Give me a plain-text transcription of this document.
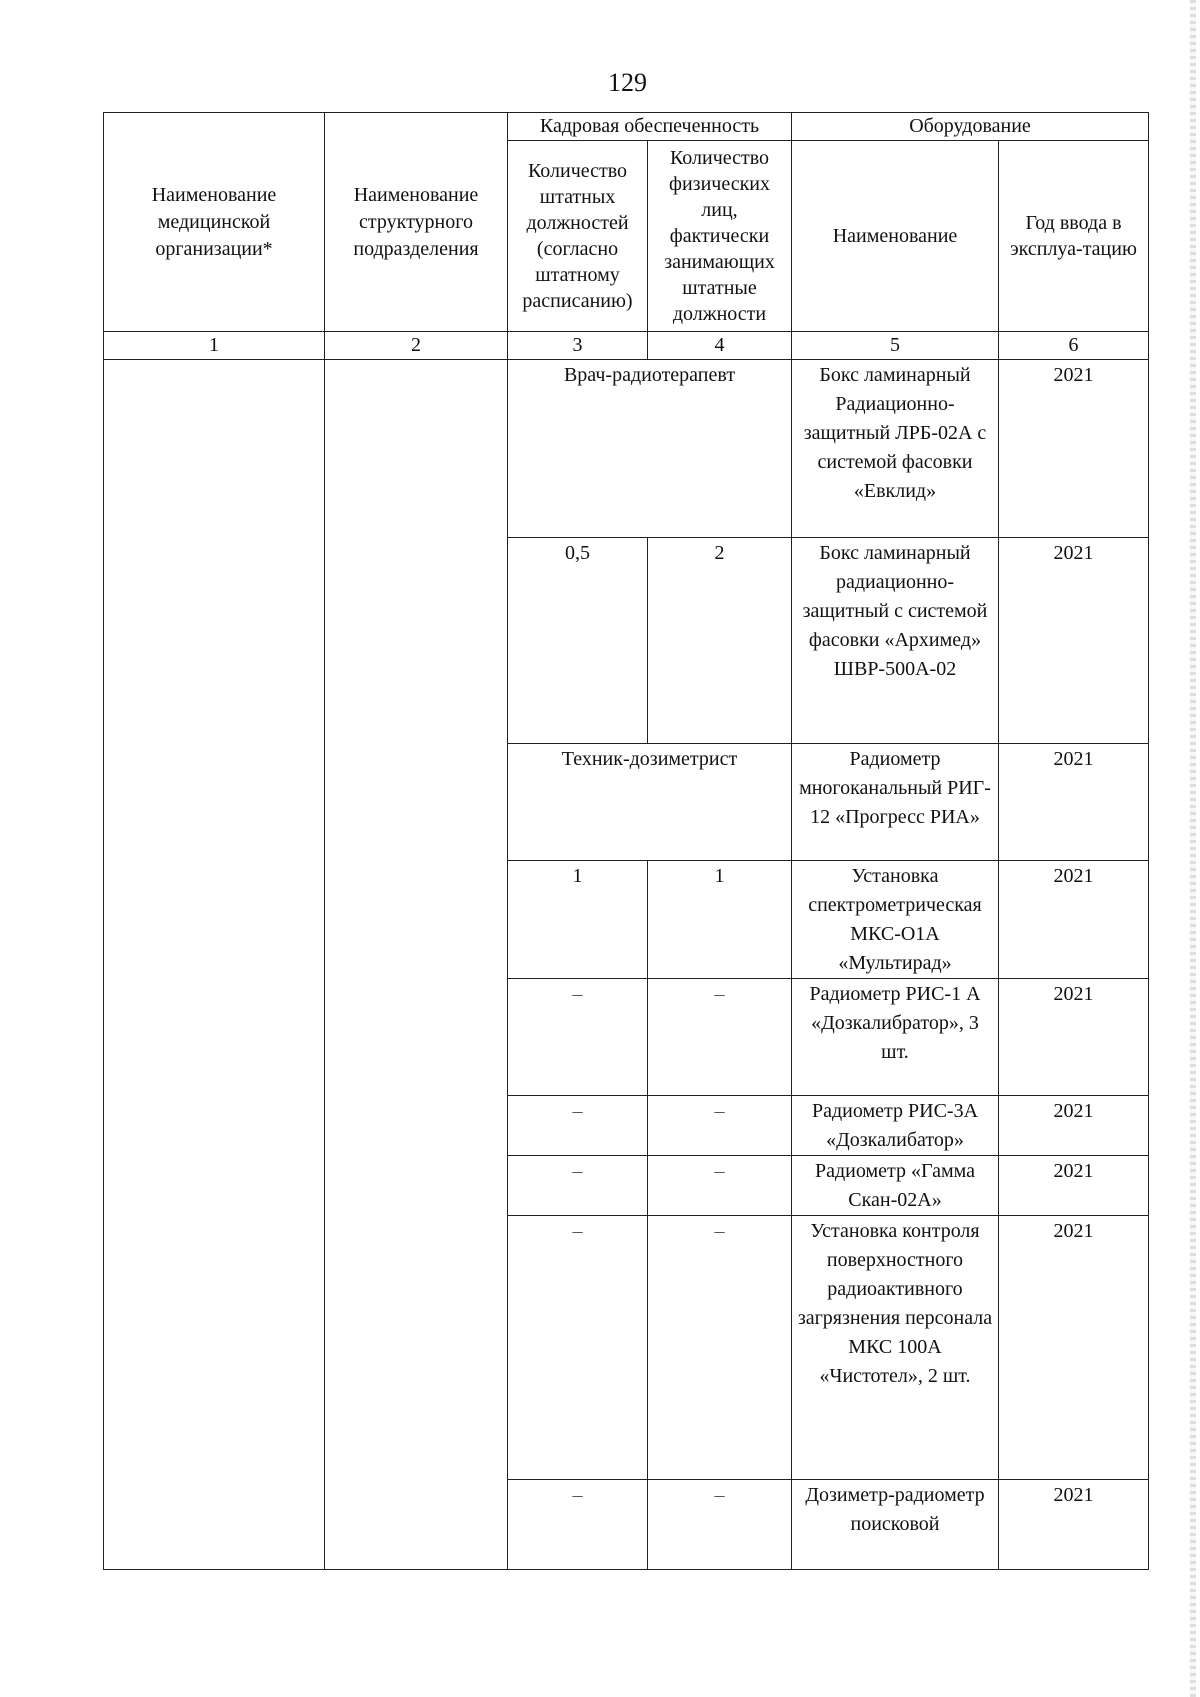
129
Наименование медицинской организации*	Наименование структурного подразделения	Кадровая обеспеченность		Оборудование	
		Количество штатных должностей (согласно штатному расписанию)	Количество физических лиц, фактически занимающих штатные должности	Наименование	Год ввода в эксплуа-тацию
1	2	3	4	5	6
		Врач-радиотерапевт		Бокс ламинарный Радиационно-защитный ЛРБ-02А с системой фасовки «Евклид»	2021
		0,5	2	Бокс ламинарный радиационно-защитный с системой фасовки «Архимед» ШВР-500А-02	2021
		Техник-дозиметрист		Радиометр многоканальный РИГ- 12 «Прогресс РИА»	2021
		1	1	Установка спектрометрическая МКС-О1А «Мультирад»	2021
		–	–	Радиометр РИС-1 А «Дозкалибратор», 3 шт.	2021
		–	–	Радиометр РИС-3А «Дозкалибатор»	2021
		–	–	Радиометр «Гамма Скан-02А»	2021
		–	–	Установка контроля поверхностного радиоактивного загрязнения персонала МКС 100А «Чистотел», 2 шт.	2021
		–	–	Дозиметр-радиометр поисковой	2021
